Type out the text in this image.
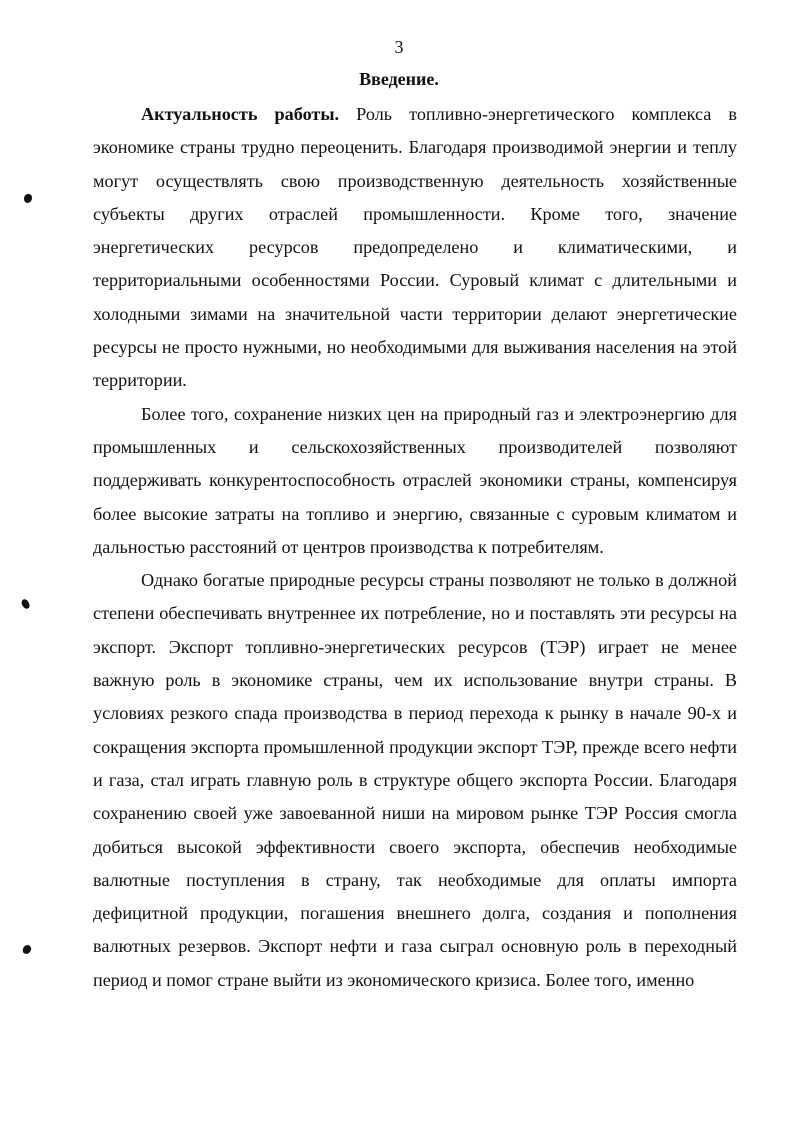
3
Введение.

Актуальность работы. Роль топливно-энергетического комплекса в экономике страны трудно переоценить. Благодаря производимой энергии и теплу могут осуществлять свою производственную деятельность хозяйственные субъекты других отраслей промышленности. Кроме того, значение энергетических ресурсов предопределено и климатическими, и территориальными особенностями России. Суровый климат с длительными и холодными зимами на значительной части территории делают энергетические ресурсы не просто нужными, но необходимыми для выживания населения на этой территории.

Более того, сохранение низких цен на природный газ и электроэнергию для промышленных и сельскохозяйственных производителей позволяют поддерживать конкурентоспособность отраслей экономики страны, компенсируя более высокие затраты на топливо и энергию, связанные с суровым климатом и дальностью расстояний от центров производства к потребителям.

Однако богатые природные ресурсы страны позволяют не только в должной степени обеспечивать внутреннее их потребление, но и поставлять эти ресурсы на экспорт. Экспорт топливно-энергетических ресурсов (ТЭР) играет не менее важную роль в экономике страны, чем их использование внутри страны. В условиях резкого спада производства в период перехода к рынку в начале 90-х и сокращения экспорта промышленной продукции экспорт ТЭР, прежде всего нефти и газа, стал играть главную роль в структуре общего экспорта России. Благодаря сохранению своей уже завоеванной ниши на мировом рынке ТЭР Россия смогла добиться высокой эффективности своего экспорта, обеспечив необходимые валютные поступления в страну, так необходимые для оплаты импорта дефицитной продукции, погашения внешнего долга, создания и пополнения валютных резервов. Экспорт нефти и газа сыграл основную роль в переходный период и помог стране выйти из экономического кризиса. Более того, именно
